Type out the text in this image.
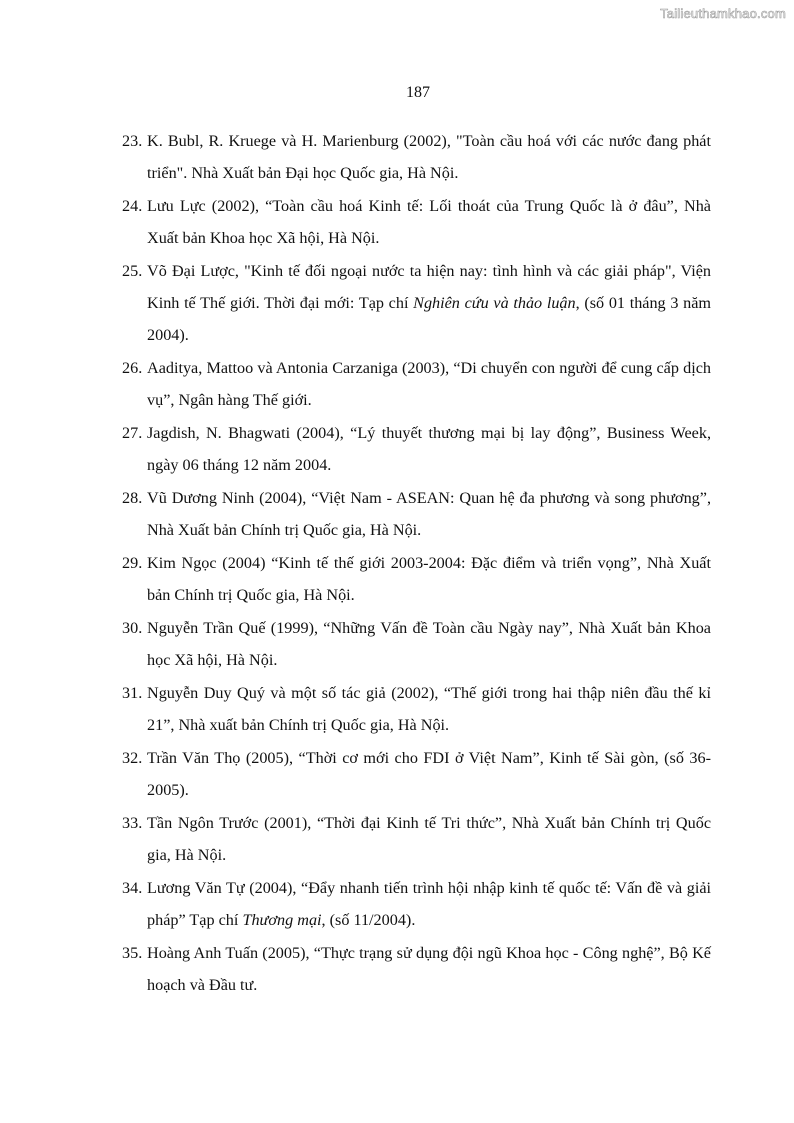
Tailieuthamkhao.com
187
23. K. Bubl, R. Kruege và H. Marienburg (2002), "Toàn cầu hoá với các nước đang phát triển". Nhà Xuất bản Đại học Quốc gia, Hà Nội.
24. Lưu Lực (2002), “Toàn cầu hoá Kinh tế: Lối thoát của Trung Quốc là ở đâu”, Nhà Xuất bản Khoa học Xã hội, Hà Nội.
25. Võ Đại Lược, "Kinh tế đối ngoại nước ta hiện nay: tình hình và các giải pháp", Viện Kinh tế Thế giới. Thời đại mới: Tạp chí Nghiên cứu và thảo luận, (số 01 tháng 3 năm 2004).
26. Aaditya, Mattoo và Antonia Carzaniga (2003), “Di chuyển con người để cung cấp dịch vụ”, Ngân hàng Thế giới.
27. Jagdish, N. Bhagwati (2004), “Lý thuyết thương mại bị lay động”, Business Week, ngày 06 tháng 12 năm 2004.
28. Vũ Dương Ninh (2004), “Việt Nam - ASEAN: Quan hệ đa phương và song phương”, Nhà Xuất bản Chính trị Quốc gia, Hà Nội.
29. Kim Ngọc (2004) “Kinh tế thế giới 2003-2004: Đặc điểm và triển vọng”, Nhà Xuất bản Chính trị Quốc gia, Hà Nội.
30. Nguyễn Trần Quế (1999), “Những Vấn đề Toàn cầu Ngày nay”, Nhà Xuất bản Khoa học Xã hội, Hà Nội.
31. Nguyễn Duy Quý và một số tác giả (2002), “Thế giới trong hai thập niên đầu thế kỉ 21”, Nhà xuất bản Chính trị Quốc gia, Hà Nội.
32. Trần Văn Thọ (2005), “Thời cơ mới cho FDI ở Việt Nam”, Kinh tế Sài gòn, (số 36-2005).
33. Tần Ngôn Trước (2001), “Thời đại Kinh tế Tri thức”, Nhà Xuất bản Chính trị Quốc gia, Hà Nội.
34. Lương Văn Tự (2004), “Đẩy nhanh tiến trình hội nhập kinh tế quốc tế: Vấn đề và giải pháp” Tạp chí Thương mại, (số 11/2004).
35. Hoàng Anh Tuấn (2005), “Thực trạng sử dụng đội ngũ Khoa học - Công nghệ”, Bộ Kế hoạch và Đầu tư.
